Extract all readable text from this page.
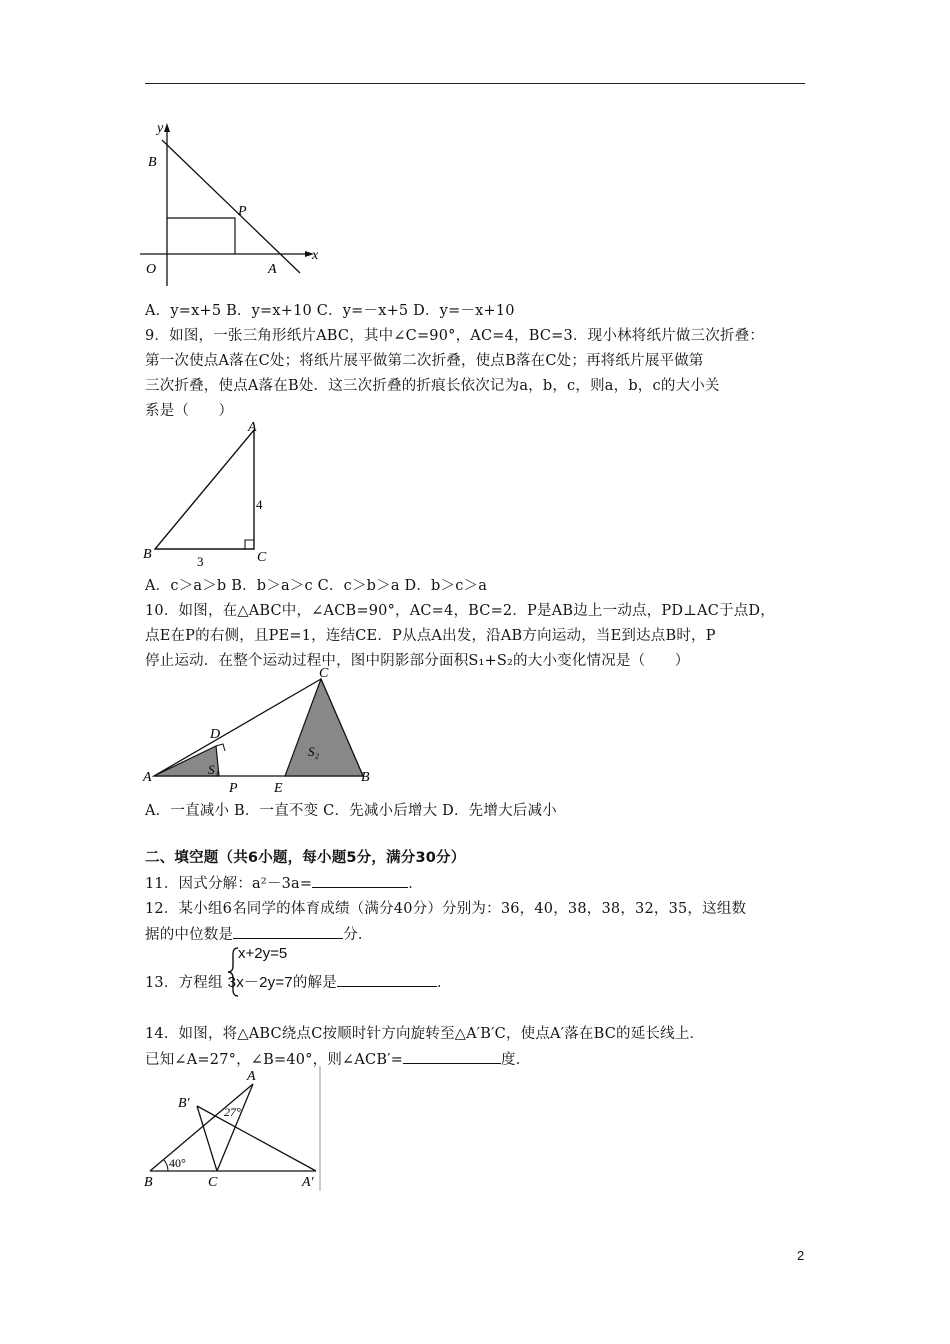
y
x
B
P
O	A
A．y=x+5 B．y=x+10 C．y=－x+5 D．y=－x+10
9．如图，一张三角形纸片ABC，其中∠C=90°，AC=4，BC=3．现小林将纸片做三次折叠：
第一次使点A落在C处；将纸片展平做第二次折叠，使点B落在C处；再将纸片展平做第
三次折叠，使点A落在B处．这三次折叠的折痕长依次记为a，b，c，则a，b，c的大小关
系是（　　）
A
B	C
4
3
A．c＞a＞b B．b＞a＞c C．c＞b＞a D．b＞c＞a
10．如图，在△ABC中，∠ACB=90°，AC=4，BC=2．P是AB边上一动点，PD⊥AC于点D，
点E在P的右侧，且PE=1，连结CE．P从点A出发，沿AB方向运动，当E到达点B时，P
停止运动．在整个运动过程中，图中阴影部分面积S₁+S₂的大小变化情况是（　　）
C
D
A
P	E
B
S₁
S₂
A．一直减小 B．一直不变 C．先减小后增大 D．先增大后减小
二、填空题（共6小题，每小题5分，满分30分）
11．因式分解：a²－3a=	．
12．某小组6名同学的体育成绩（满分40分）分别为：36，40，38，38，32，35，这组数
据的中位数是	分．
x+2y=5
13．方程组 3x－2y=7的解是	．
14．如图，将△ABC绕点C按顺时针方向旋转至△A′B′C，使点A′落在BC的延长线上．
已知∠A=27°，∠B=40°，则∠ACB′=	度．
A
B′
27°
40°
B	C	A′
2
